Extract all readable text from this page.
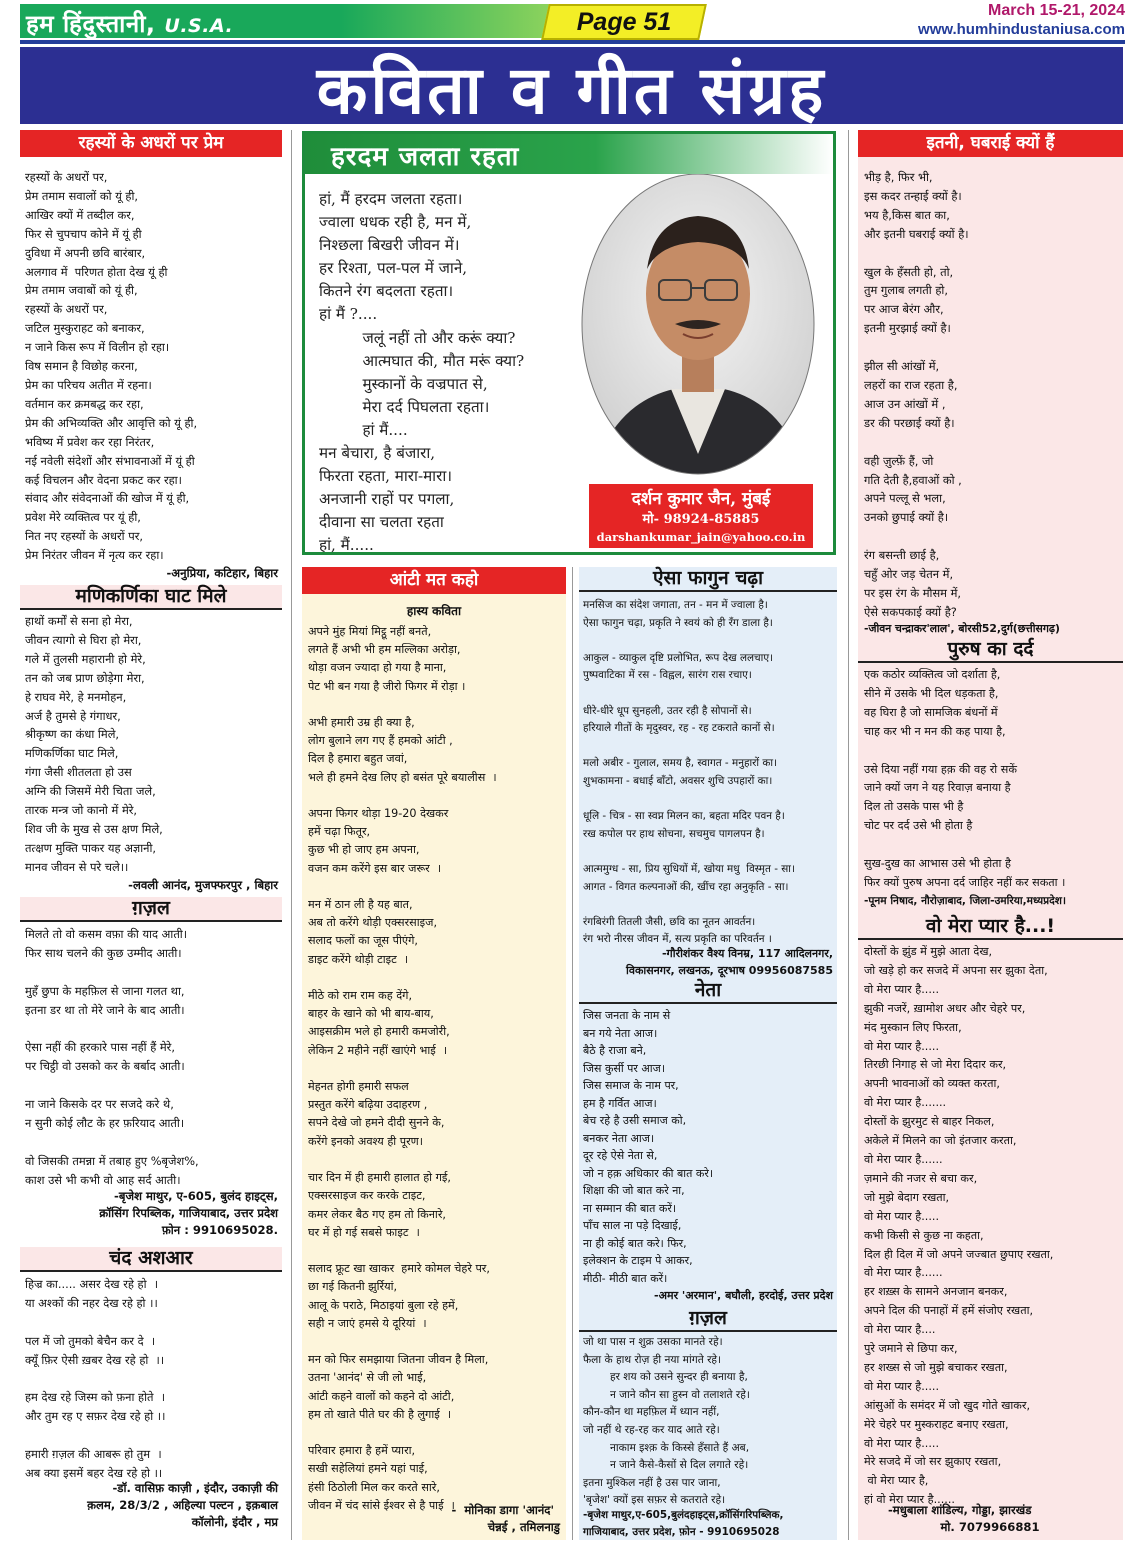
हम हिंदुस्तानी, U.S.A.	Page 51	March 15-21, 2024
www.humhindustaniusa.com
कविता व गीत संग्रह
रहस्यों के अधरों पर प्रेम
रहस्यों के अधरों पर,
प्रेम तमाम सवालों को यूं ही,
आखिर क्यों में तब्दील कर,
फिर से चुपचाप कोने में यूं ही
दुविधा में अपनी छवि बारंबार,
अलगाव में  परिणत होता देख यूं ही
प्रेम तमाम जवाबों को यूं ही,
रहस्यों के अधरों पर,
जटिल मुस्कुराहट को बनाकर,
न जाने किस रूप में विलीन हो रहा।
विष समान है विछोह करना,
प्रेम का परिचय अतीत में रहना।
वर्तमान कर क्रमबद्ध कर रहा,
प्रेम की अभिव्यक्ति और आवृत्ति को यूं ही,
भविष्य में प्रवेश कर रहा निरंतर,
नई नवेली संदेशों और संभावनाओं में यूं ही
कई विचलन और वेदना प्रकट कर रहा।
संवाद और संवेदनाओं की खोज में यूं ही,
प्रवेश मेरे व्यक्तित्व पर यूं ही,
नित नए रहस्यों के अधरों पर,
प्रेम निरंतर जीवन में नृत्य कर रहा।
-अनुप्रिया, कटिहार, बिहार
मणिकर्णिका घाट मिले
हाथों कर्मों से सना हो मेरा,
जीवन त्यागो से घिरा हो मेरा,
गले में तुलसी महारानी हो मेरे,
तन को जब प्राण छोड़ेगा मेरा,
हे राघव मेरे, हे मनमोहन,
अर्ज है तुमसे हे गंगाधर,
श्रीकृष्ण का कंधा मिले,
मणिकर्णिका घाट मिले,
गंगा जैसी शीतलता हो उस
अग्नि की जिसमें मेरी चिता जले,
तारक मन्त्र जो कानो में मेरे,
शिव जी के मुख से उस क्षण मिले,
तत्क्षण मुक्ति पाकर यह अज्ञानी,
मानव जीवन से परे चले।।
-लवली आनंद, मुजफ्फरपुर , बिहार
ग़ज़ल
मिलते तो वो कसम वफ़ा की याद आती।
फिर साथ चलने की कुछ उम्मीद आती।

मुहँ छुपा के महफ़िल से जाना गलत था,
इतना डर था तो मेरे जाने के बाद आती।

ऐसा नहीं की हरकारे पास नहीं हैं मेरे,
पर चिट्ठी वो उसको कर के बर्बाद आती।

ना जाने किसके दर पर सजदे करे थे,
न सुनी कोई लौट के हर फ़रियाद आती।

वो जिसकी तमन्ना में तबाह हुए %बृजेश%,
काश उसे भी कभी वो आह सर्द आती।
-बृजेश माथुर, ए-605, बुलंद हाइट्स,
क्रॉसिंग रिपब्लिक, गाजियाबाद, उत्तर प्रदेश
फ़ोन : 9910695028.
चंद अशआर
हिज्र का..... असर देख रहे हो  ।
या अश्कों की नहर देख रहे हो ।।

पल में जो तुमको बेचैन कर दे  ।
क्यूँ फ़िर ऐसी ख़बर देख रहे हो  ।।

हम देख रहे जिस्म को फ़ना होते  ।
और तुम रह ए सफ़र देख रहे हो ।।

हमारी ग़ज़ल की आबरू हो तुम  ।
अब क्या इसमें बहर देख रहे हो ।।
-डॉ. वासिफ़ काज़ी , इंदौर, उकाज़ी की
क़लम, 28/3/2 , अहिल्या पल्टन , इक़बाल
कॉलोनी, इंदौर , मप्र
हरदम जलता रहता
हां, मैं हरदम जलता रहता।
ज्वाला धधक रही है, मन में,
निश्छला बिखरी जीवन में।
हर रिश्ता, पल-पल में जाने,
कितने रंग बदलता रहता।
हां मैं ?....
जलूं नहीं तो और करूं क्या?
आत्मघात की, मौत मरूं क्या?
मुस्कानों के वज्रपात से,
मेरा दर्द पिघलता रहता।
हां मैं....
मन बेचारा, है बंजारा,
फिरता रहता, मारा-मारा।
अनजानी राहों पर पगला,
दीवाना सा चलता रहता
हां, मैं.....
दर्शन कुमार जैन, मुंबई
मो- 98924-85885
darshankumar_jain@yahoo.co.in
आंटी मत कहो
हास्य कविता
अपने मुंह मियां मिट्ठू नहीं बनते,
लगते हैं अभी भी हम मल्लिका अरोड़ा,
थोड़ा वजन ज्यादा हो गया है माना,
पेट भी बन गया है जीरो फिगर में रोड़ा ।

अभी हमारी उम्र ही क्या है,
लोग बुलाने लग गए हैं हमको आंटी ,
दिल है हमारा बहुत जवां,
भले ही हमने देख लिए हो बसंत पूरे बयालीस  ।

अपना फिगर थोड़ा 19-20 देखकर
हमें चढ़ा फितूर,
कुछ भी हो जाए हम अपना,
वजन कम करेंगे इस बार जरूर  ।

मन में ठान ली है यह बात,
अब तो करेंगे थोड़ी एक्सरसाइज,
सलाद फलों का जूस पीएंगे,
डाइट करेंगे थोड़ी टाइट  ।

मीठे को राम राम कह देंगे,
बाहर के खाने को भी बाय-बाय,
आइसक्रीम भले हो हमारी कमजोरी,
लेकिन 2 महीने नहीं खाएंगे भाई  ।

मेहनत होगी हमारी सफल
प्रस्तुत करेंगे बढ़िया उदाहरण ,
सपने देखे जो हमने दीदी सुनने के,
करेंगे इनको अवश्य ही पूरण।

चार दिन में ही हमारी हालात हो गई,
एक्सरसाइज कर करके टाइट,
कमर लेकर बैठ गए हम तो किनारे,
घर में हो गई सबसे फाइट  ।

सलाद फ्रूट खा खाकर  हमारे कोमल चेहरे पर,
छा गई कितनी झुर्रियां,
आलू के पराठे, मिठाइयां बुला रहे हमें,
सही न जाएं हमसे ये दूरियां  ।

मन को फिर समझाया जितना जीवन है मिला,
उतना 'आनंद' से जी लो भाई,
आंटी कहने वालों को कहने दो आंटी,
हम तो खाते पीते घर की है लुगाई  ।

परिवार हमारा है हमें प्यारा,
सखी सहेलियां हमने यहां पाई,
हंसी ठिठोली मिल कर करते सारे,
जीवन में चंद सांसे ईश्वर से है पाई  ।
-  मोनिका डागा 'आनंद'
चेन्नई , तमिलनाडु
ऐसा फागुन चढ़ा
मनसिज का संदेश जगाता, तन - मन में ज्वाला है।
ऐसा फागुन चढ़ा, प्रकृति ने स्वयं को ही रँग डाला है।

आकुल - व्याकुल दृष्टि प्रलोभित, रूप देख ललचाए।
पुष्पवाटिका में रस - विह्वल, सारंग रास रचाए।

धीरे-धीरे धूप सुनहली, उतर रही है सोपानों से।
हरियाले गीतों के मृदुस्वर, रह - रह टकराते कानों से।

मलो अबीर - गुलाल, समय है, स्वागत - मनुहारों का।
शुभकामना - बधाई बाँटो, अवसर शुचि उपहारों का।

धूलि - चित्र - सा स्वप्न मिलन का, बहता मदिर पवन है।
रख कपोल पर हाथ सोचना, सचमुच पागलपन है।

आत्ममुग्ध - सा, प्रिय सुधियों में, खोया मधु  विस्मृत - सा।
आगत - विगत कल्पनाओं की, खींच रहा अनुकृति - सा।

रंगबिरंगी तितली जैसी, छवि का नूतन आवर्तन।
रंग भरो नीरस जीवन में, सत्य प्रकृति का परिवर्तन ।
-गौरीशंकर वैश्य विनम्र, 117 आदिलनगर,
विकासनगर, लखनऊ, दूरभाष 09956087585
नेता
जिस जनता के नाम से
बन गये नेता आज।
बैठे है राजा बने,
जिस कुर्सी पर आज।
जिस समाज के नाम पर,
हम है गर्वित आज।
बेच रहे है उसी समाज को,
बनकर नेता आज।
दूर रहे ऐसे नेता से,
जो न हक़ अधिकार की बात करे।
शिक्षा की जो बात करे ना,
ना सम्मान की बात करें।
पाँच साल ना पड़े दिखाई,
ना ही कोई बात करे। फिर,
इलेक्शन के टाइम पे आकर,
मीठी- मीठी बात करें।
-अमर 'अरमान', बघौली, हरदोई, उत्तर प्रदेश
ग़ज़ल
जो था पास न शुक्र उसका मानते रहे।
फैला के हाथ रोज़ ही नया मांगते रहे।
हर शय को उसने सुन्दर ही बनाया है,
न जाने कौन सा हुस्न वो तलाशते रहे।
कौन-कौन था महफ़िल में ध्यान नहीं,
जो नहीं थे रह-रह कर याद आते रहे।
नाकाम इश्क़ के किस्से हँसाते हैं अब,
न जाने कैसे-कैसों से दिल लगाते रहे।
इतना मुश्किल नहीं है उस पार जाना,
'बृजेश' क्यों इस सफ़र से कतराते रहे।
-बृजेश माथुर,ए-605,बुलंदहाइट्स,क्रॉसिंगरिपब्लिक,
गाजियाबाद, उत्तर प्रदेश, फ़ोन - 9910695028
इतनी, घबराई क्यों हैं
भीड़ है, फिर भी,
इस कदर तन्हाई क्यों है।
भय है,किस बात का,
और इतनी घबराई क्यों है।

खुल के हँसती हो, तो,
तुम गुलाब लगती हो,
पर आज बेरंग और,
इतनी मुरझाई क्यों है।

झील सी आंखों में,
लहरों का राज रहता है,
आज उन आंखों में ,
डर की परछाई क्यों है।

वही ज़ुल्फ़ें हैं, जो
गति देती है,हवाओं को ,
अपने पल्लू से भला,
उनको छुपाई क्यों है।

रंग बसन्ती छाई है,
चहुँ ओर जड़ चेतन में,
पर इस रंग के मौसम में,
ऐसे सकपकाई क्यों है?
-जीवन चन्द्राकर'लाल', बोरसी52,दुर्ग(छत्तीसगढ़)
पुरुष का दर्द
एक कठोर व्यक्तित्व जो दर्शाता है,
सीने में उसके भी दिल धड़कता है,
वह घिरा है जो सामजिक बंधनों में
चाह कर भी न मन की कह पाया है,

उसे दिया नहीं गया हक़ की वह रो सकें
जाने क्यों जग ने यह रिवाज़ बनाया है
दिल तो उसके पास भी है
चोट पर दर्द उसे भी होता है

सुख-दुख का आभास उसे भी होता है
फिर क्यों पुरुष अपना दर्द जाहिर नहीं कर सकता ।
-पूनम निषाद, नौरोज़ाबाद, जिला-उमरिया,मध्यप्रदेश।
वो मेरा प्यार है...!
दोस्तों के झुंड में मुझे आता देख,
जो खड़े हो कर सजदे में अपना सर झुका देता,
वो मेरा प्यार है.....
झुकी नजरें, ख़ामोश अधर और चेहरे पर,
मंद मुस्कान लिए फिरता,
वो मेरा प्यार है.....
तिरछी निगाह से जो मेरा दिदार कर,
अपनी भावनाओं को व्यक्त करता,
वो मेरा प्यार है.......
दोस्तों के झुरमुट से बाहर निकल,
अकेले में मिलने का जो इंतजार करता,
वो मेरा प्यार है......
ज़माने की नजर से बचा कर,
जो मुझे बेदाग रखता,
वो मेरा प्यार है.....
कभी किसी से कुछ ना कहता,
दिल ही दिल में जो अपने जज्बात छुपाए रखता,
वो मेरा प्यार है......
हर शख़्स के सामने अनजान बनकर,
अपने दिल की पनाहों में हमें संजोए रखता,
वो मेरा प्यार है....
पुरे जमाने से छिपा कर,
हर शख्स से जो मुझे बचाकर रखता,
वो मेरा प्यार है.....
आंसुओं के समंदर में जो खुद गोते खाकर,
मेरे चेहरे पर मुस्कराहट बनाए रखता,
वो मेरा प्यार है.....
मेरे सजदे में जो सर झुकाए रखता,
वो मेरा प्यार है,
हां वो मेरा प्यार है......
-मधुबाला शांडिल्य, गोड्डा, झारखंड
मो. 7079966881
